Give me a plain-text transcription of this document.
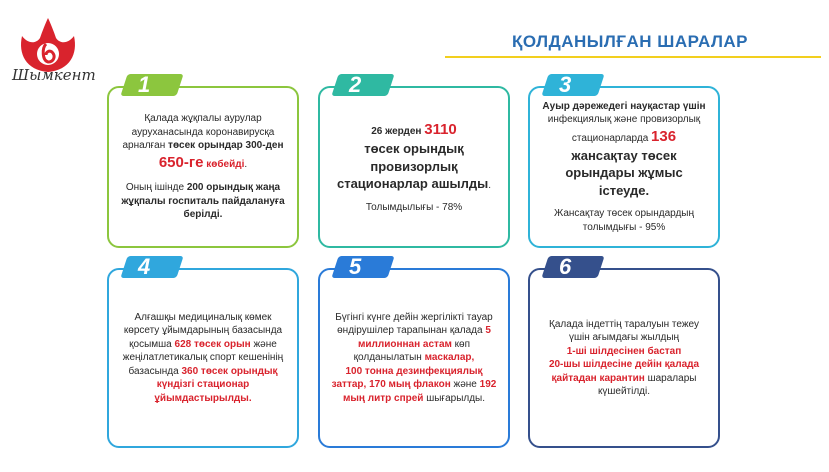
Шымкент
ҚОЛДАНЫЛҒАН ШАРАЛАР

Қалада жұқпалы аурулар ауруханасында коронавирусқа арналған төсек орындар 300-ден 650-ге көбейді.

Оның ішінде 200 орындық жаңа жұқпалы госпиталь пайдалануға берілді.

1

26 жерден 3110
төсек орындық провизорлық стационарлар ашылды.

Толымдылығы - 78%

2

Ауыр дәрежедегі науқастар үшін инфекциялық және провизорлық стационарларда 136 жансақтау төсек орындары жұмыс істеуде.

Жансақтау төсек орындардың толымдығы - 95%

3

Алғашқы медициналық көмек көрсету ұйымдарының базасында қосымша 628 төсек орын және жеңілатлетикалық спорт кешенінің базасында 360 төсек орындық күндізгі стационар ұйымдастырылды.

4

Бүгінгі күнге дейін жергілікті тауар өндірушілер тарапынан қалада 5 миллионнан астам көп қолданылатын маскалар,
100 тонна дезинфекциялық заттар, 170 мың флакон және 192 мың литр спрей шығарылды.

5

Қалада індеттің таралуын тежеу үшін ағымдағы жылдың
1-ші шілдесінен бастап
20-шы шілдесіне дейін қалада қайтадан карантин шаралары күшейтілді.

6
